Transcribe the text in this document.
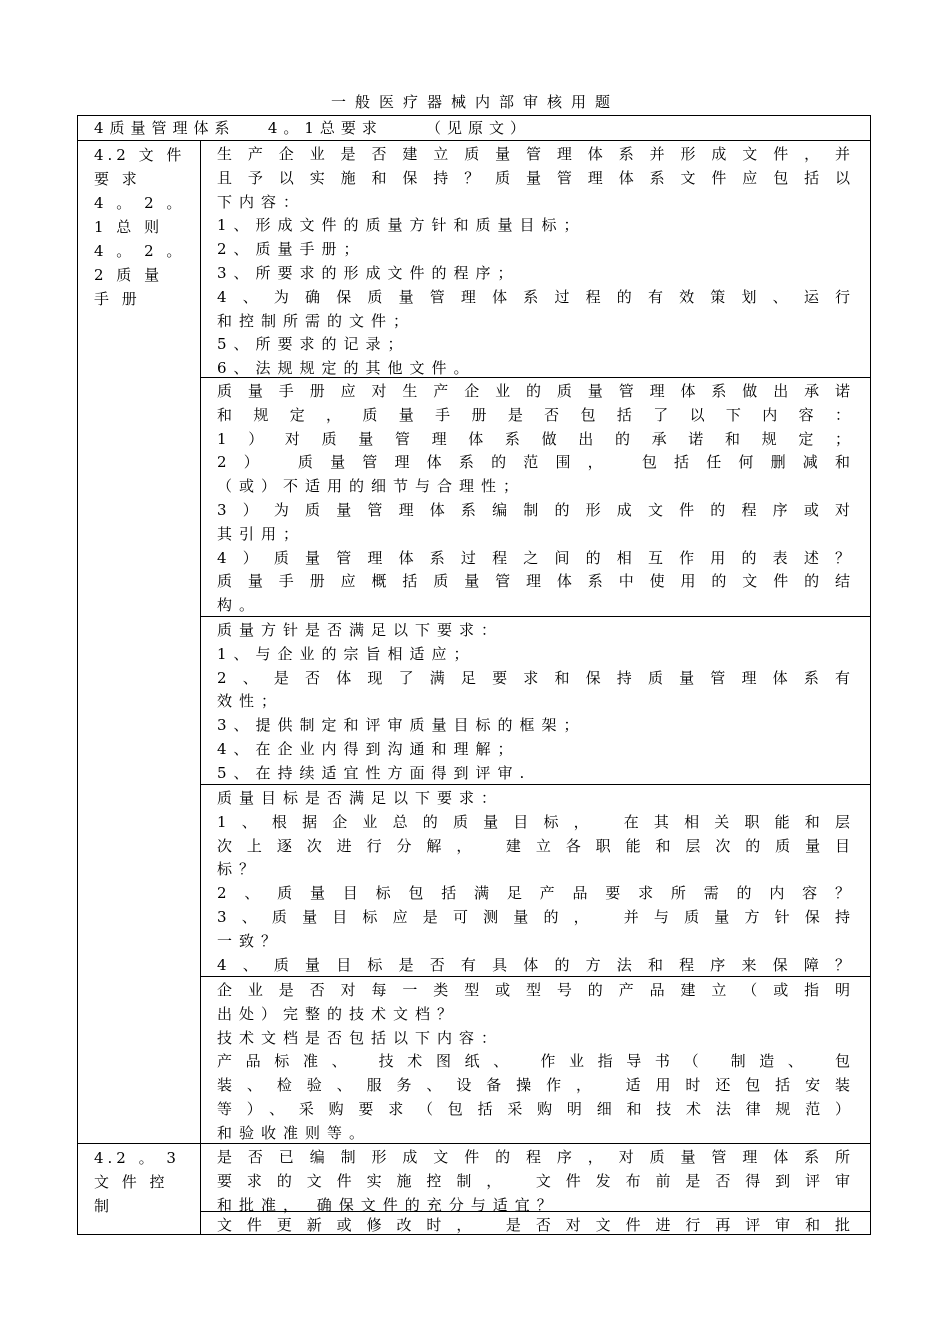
一般医疗器械内部审核用题
4质量管理体系   4。1总要求    （见原文）
4.2 文 件
要 求
4 。 2 。
1 总 则
4 。 2 。
2 质 量
手 册
生产企业是否建立质量管理体系并形成文件，并
且予以实施和保持？质量管理体系文件应包括以
下内容：
1、形成文件的质量方针和质量目标；
2、质量手册；
3、所要求的形成文件的程序；
4、为确保质量管理体系过程的有效策划、运行
和控制所需的文件；
5、所要求的记录；
6、法规规定的其他文件。
质量手册应对生产企业的质量管理体系做出承诺
和规定，质量手册是否包括了以下内容：
1）对质量管理体系做出的承诺和规定；
2） 质量管理体系的范围， 包括任何删减和
（或）不适用的细节与合理性；
3）为质量管理体系编制的形成文件的程序或对
其引用；
4）质量管理体系过程之间的相互作用的表述？
质量手册应概括质量管理体系中使用的文件的结
构。
质量方针是否满足以下要求：
1、与企业的宗旨相适应；
2、是否体现了满足要求和保持质量管理体系有
效性；
3、提供制定和评审质量目标的框架；
4、在企业内得到沟通和理解；
5、在持续适宜性方面得到评审.
质量目标是否满足以下要求：
1、根据企业总的质量目标， 在其相关职能和层
次上逐次进行分解， 建立各职能和层次的质量目
标？
2、质量目标包括满足产品要求所需的内容？
3、质量目标应是可测量的， 并与质量方针保持
一致？
4、质量目标是否有具体的方法和程序来保障？
企业是否对每一类型或型号的产品建立（或指明
出处）完整的技术文档？
技术文档是否包括以下内容：
产品标准、 技术图纸、 作业指导书（ 制造、 包
装、检验、服务、设备操作， 适用时还包括安装
等）、采购要求（包括采购明细和技术法律规范）
和验收准则等。
4.2 。 3
文 件 控
制
是否已编制形成文件的程序，对质量管理体系所
要求的文件实施控制， 文件发布前是否得到评审
和批准， 确保文件的充分与适宜？
文件更新或修改时， 是否对文件进行再评审和批
